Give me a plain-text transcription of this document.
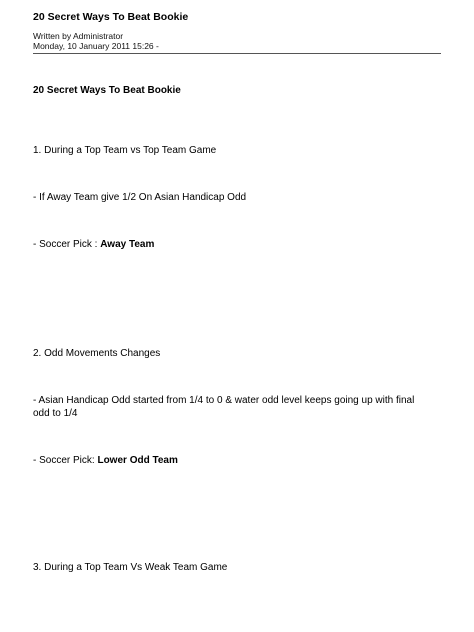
20 Secret Ways To Beat Bookie
Written by Administrator
Monday, 10 January 2011 15:26 -
20 Secret Ways To Beat Bookie
1. During a Top Team vs Top Team Game
- If Away Team give 1/2 On Asian Handicap Odd
- Soccer Pick : Away Team
2. Odd Movements Changes
- Asian Handicap Odd started from 1/4 to 0 & water odd level keeps going up with final odd to 1/4
- Soccer Pick: Lower Odd Team
3. During a Top Team Vs Weak Team Game
